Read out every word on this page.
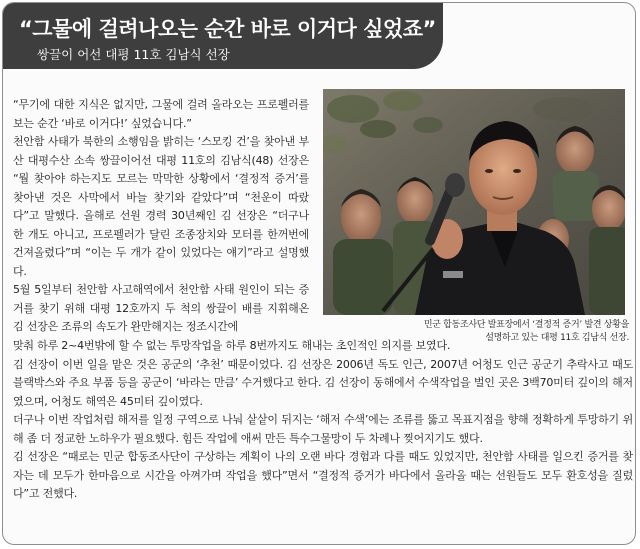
“그물에 걸려나오는 순간 바로 이거다 싶었죠”
쌍끌이 어선 대평 11호 김남식 선장

“무기에 대한 지식은 없지만, 그물에 걸려 올라오는 프로펠러를 보는 순간 ‘바로 이거다!’ 싶었습니다.”

천안함 사태가 북한의 소행임을 밝히는 ‘스모킹 건’을 찾아낸 부산 대평수산 소속 쌍끌이어선 대평 11호의 김남식(48) 선장은 “뭘 찾아야 하는지도 모르는 막막한 상황에서 ‘결정적 증거’를 찾아낸 것은 사막에서 바늘 찾기와 같았다”며 “천운이 따랐다”고 말했다. 올해로 선원 경력 30년째인 김 선장은 “더구나 한 개도 아니고, 프로펠러가 달린 조종장치와 모터를 한꺼번에 건져올렸다”며 “이는 두 개가 같이 있었다는 얘기”라고 설명했다.

5월 5일부터 천안함 사고해역에서 천안함 사태 원인이 되는 증거를 찾기 위해 대평 12호까지 두 척의 쌍끌이 배를 지휘해온 김 선장은 조류의 속도가 완만해지는 정조시간에	민군 합동조사단 발표장에서 ‘결정적 증거’ 발견 상황을
설명하고 있는 대평 11호 김남식 선장.

맞춰 하루 2~4번밖에 할 수 없는 투망작업을 하루 8번까지도 해내는 초인적인 의지를 보였다.

김 선장이 이번 일을 맡은 것은 공군의 ‘추천’ 때문이었다. 김 선장은 2006년 독도 인근, 2007년 어청도 인근 공군기 추락사고 때도 블랙박스와 주요 부품 등을 공군이 ‘바라는 만큼’ 수거했다고 한다. 김 선장이 동해에서 수색작업을 벌인 곳은 3백70미터 깊이의 해저였으며, 어청도 해역은 45미터 깊이였다.

더구나 이번 작업처럼 해저를 일정 구역으로 나눠 샅샅이 뒤지는 ‘해저 수색’에는 조류를 뚫고 목표지점을 향해 정확하게 투망하기 위해 좀 더 정교한 노하우가 필요했다. 힘든 작업에 애써 만든 특수그물망이 두 차례나 찢어지기도 했다.

김 선장은 “때로는 민군 합동조사단이 구상하는 계획이 나의 오랜 바다 경험과 다를 때도 있었지만, 천안함 사태를 일으킨 증거를 찾자는 데 모두가 한마음으로 시간을 아껴가며 작업을 했다”면서 “결정적 증거가 바다에서 올라올 때는 선원들도 모두 환호성을 질렀다”고 전했다.
